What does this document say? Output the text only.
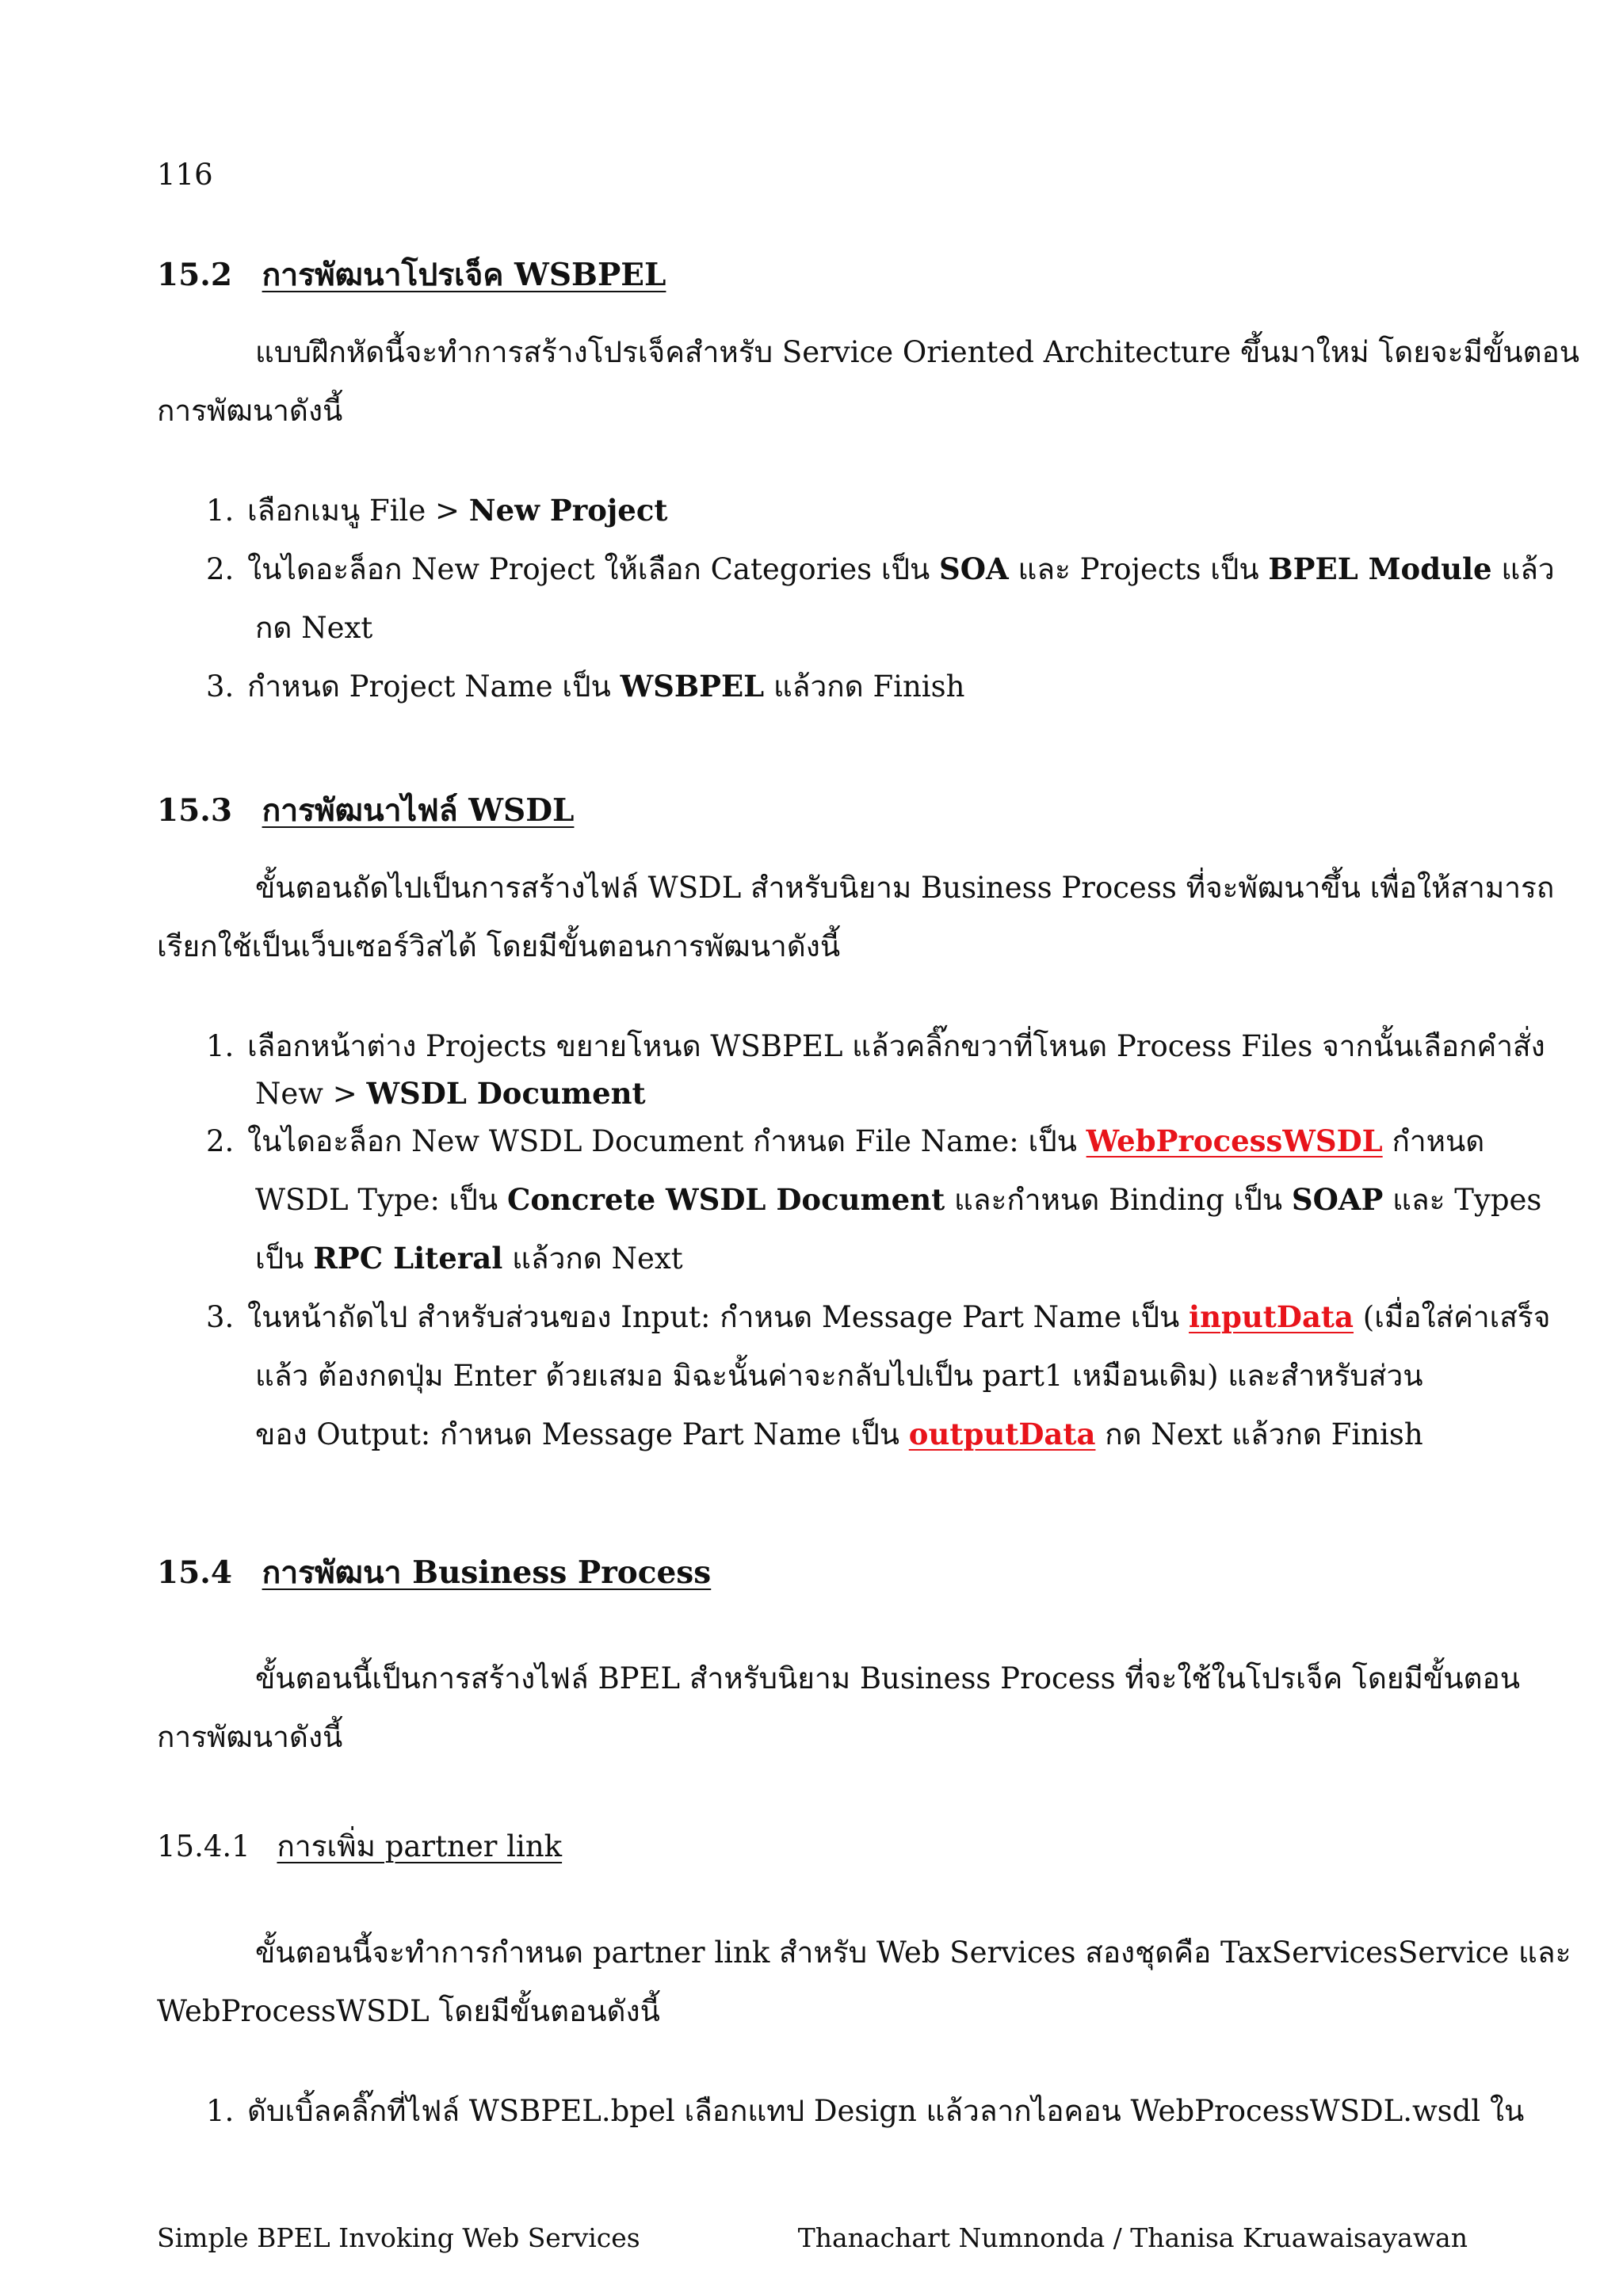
116
15.2 การพัฒนาโปรเจ็ค WSBPEL
แบบฝึกหัดนี้จะทำการสร้างโปรเจ็คสำหรับ Service Oriented Architecture ขึ้นมาใหม่ โดยจะมีขั้นตอน
การพัฒนาดังนี้
1. เลือกเมนู File > New Project
2. ในไดอะล็อก New Project ให้เลือก Categories เป็น SOA และ Projects เป็น BPEL Module แล้ว
กด Next
3. กำหนด Project Name เป็น WSBPEL แล้วกด Finish
15.3 การพัฒนาไฟล์ WSDL
ขั้นตอนถัดไปเป็นการสร้างไฟล์ WSDL สำหรับนิยาม Business Process ที่จะพัฒนาขึ้น เพื่อให้สามารถ
เรียกใช้เป็นเว็บเซอร์วิสได้ โดยมีขั้นตอนการพัฒนาดังนี้
1. เลือกหน้าต่าง Projects ขยายโหนด WSBPEL แล้วคลิ๊กขวาที่โหนด Process Files จากนั้นเลือกคำสั่ง
New > WSDL Document
2. ในไดอะล็อก New WSDL Document กำหนด File Name: เป็น WebProcessWSDL กำหนด
WSDL Type: เป็น Concrete WSDL Document และกำหนด Binding เป็น SOAP และ Types
เป็น RPC Literal แล้วกด Next
3. ในหน้าถัดไป สำหรับส่วนของ Input: กำหนด Message Part Name เป็น inputData (เมื่อใส่ค่าเสร็จ
แล้ว ต้องกดปุ่ม Enter ด้วยเสมอ มิฉะนั้นค่าจะกลับไปเป็น part1 เหมือนเดิม) และสำหรับส่วน
ของ Output: กำหนด Message Part Name เป็น outputData กด Next แล้วกด Finish
15.4 การพัฒนา Business Process
ขั้นตอนนี้เป็นการสร้างไฟล์ BPEL สำหรับนิยาม Business Process ที่จะใช้ในโปรเจ็ค โดยมีขั้นตอน
การพัฒนาดังนี้
15.4.1 การเพิ่ม partner link
ขั้นตอนนี้จะทำการกำหนด partner link สำหรับ Web Services สองชุดคือ TaxServicesService และ
WebProcessWSDL โดยมีขั้นตอนดังนี้
1. ดับเบิ้ลคลิ๊กที่ไฟล์ WSBPEL.bpel เลือกแทป Design แล้วลากไอคอน WebProcessWSDL.wsdl ใน
Simple BPEL Invoking Web Services	Thanachart Numnonda / Thanisa Kruawaisayawan
